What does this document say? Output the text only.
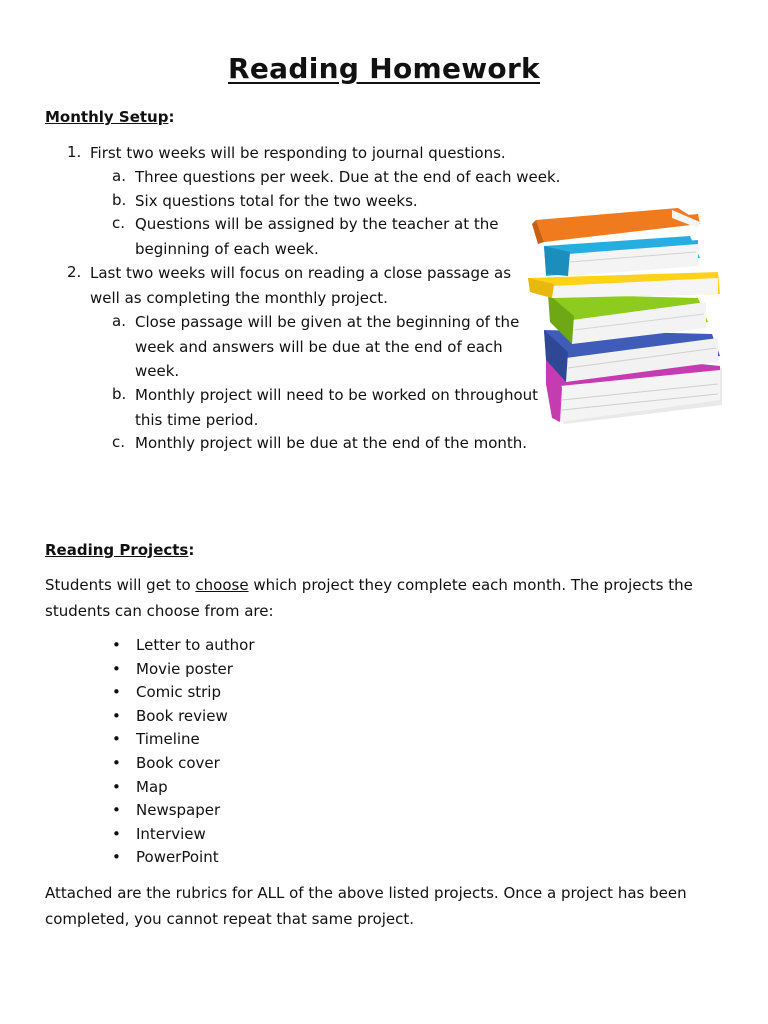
Reading Homework
Monthly Setup:
1. First two weeks will be responding to journal questions.
a. Three questions per week. Due at the end of each week.
b. Six questions total for the two weeks.
c. Questions will be assigned by the teacher at the
beginning of each week.
2. Last two weeks will focus on reading a close passage as
well as completing the monthly project.
a. Close passage will be given at the beginning of the
week and answers will be due at the end of each
week.
b. Monthly project will need to be worked on throughout
this time period.
c. Monthly project will be due at the end of the month.
Reading Projects:
Students will get to choose which project they complete each month. The projects the students can choose from are:
• Letter to author
• Movie poster
• Comic strip
• Book review
• Timeline
• Book cover
• Map
• Newspaper
• Interview
• PowerPoint
Attached are the rubrics for ALL of the above listed projects. Once a project has been completed, you cannot repeat that same project.
